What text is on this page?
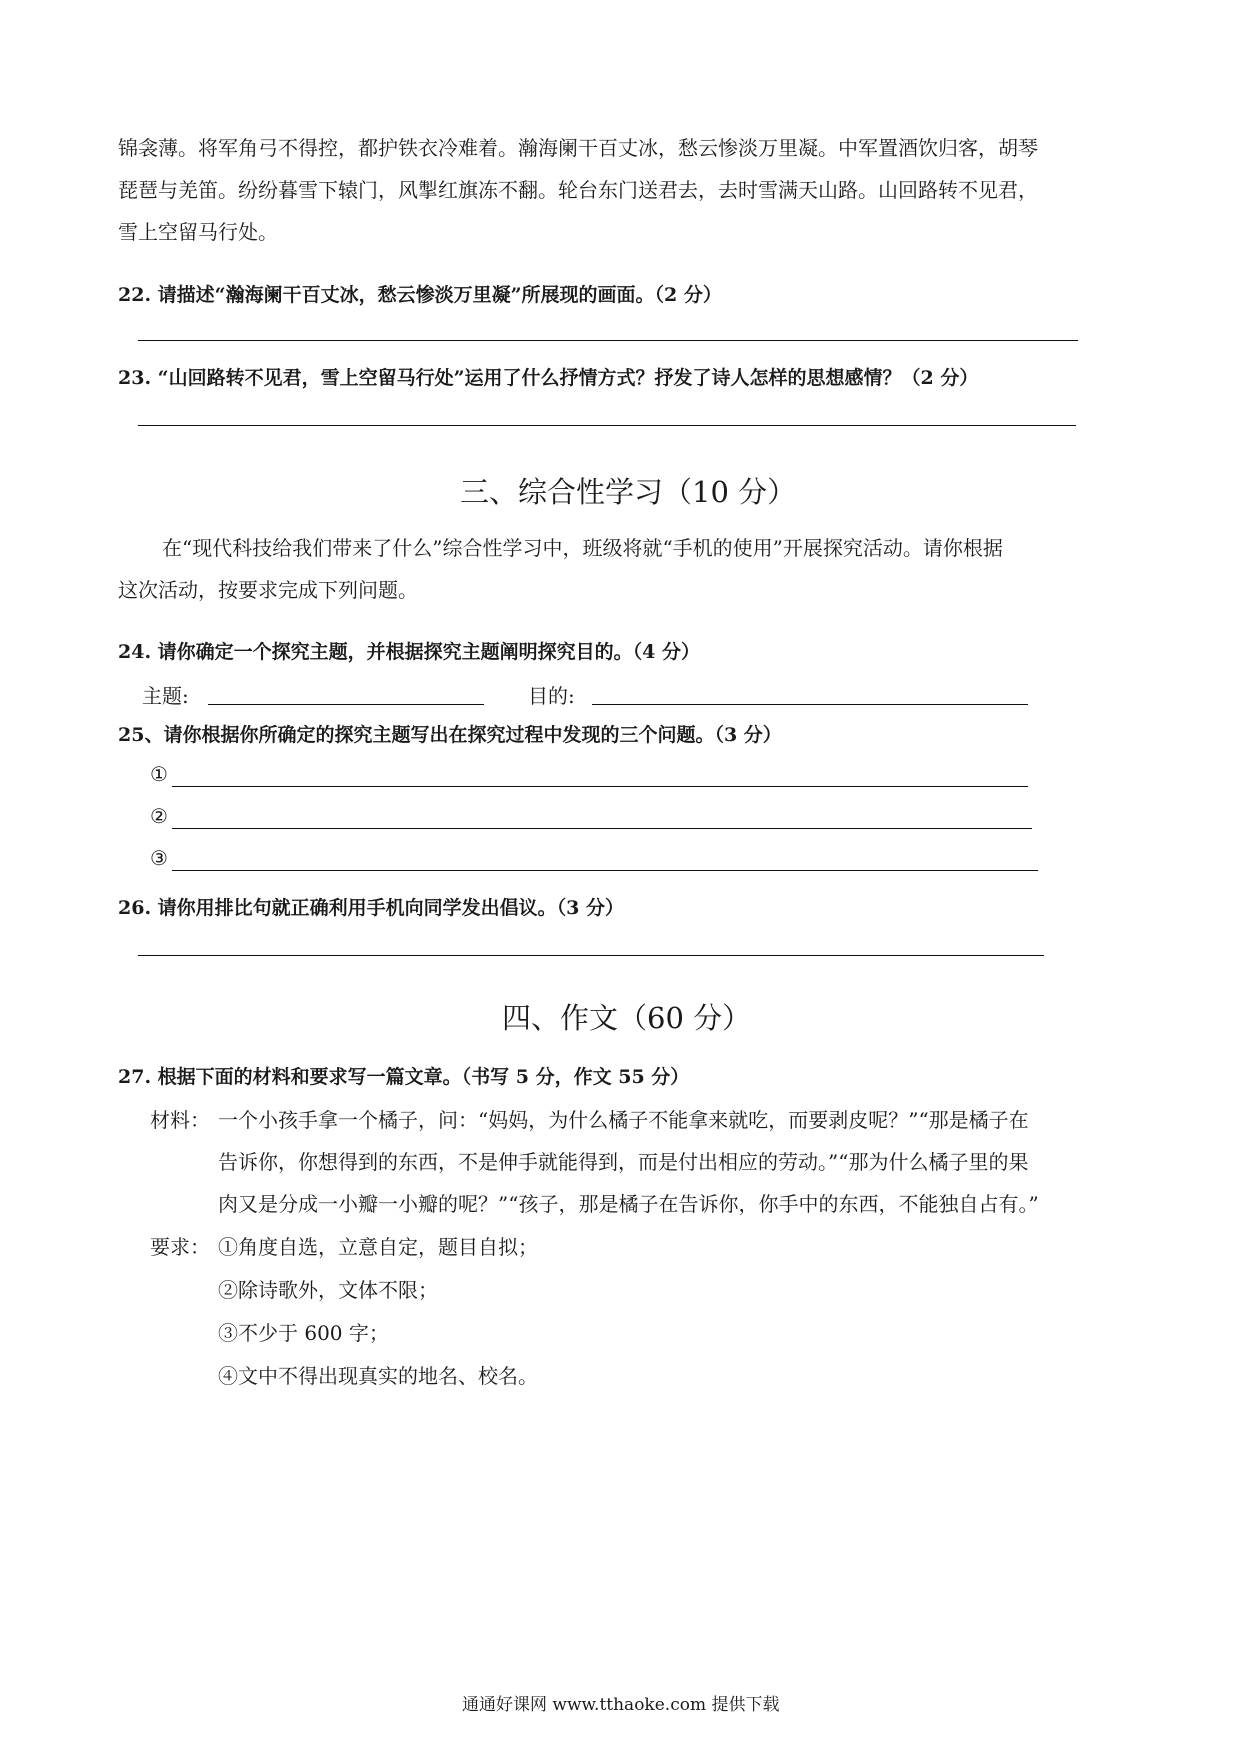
锦衾薄。将军角弓不得控，都护铁衣冷难着。瀚海阑干百丈冰，愁云惨淡万里凝。中军置酒饮归客，胡琴
琵琶与羌笛。纷纷暮雪下辕门，风掣红旗冻不翻。轮台东门送君去，去时雪满天山路。山回路转不见君，
雪上空留马行处。
22. 请描述“瀚海阑干百丈冰，愁云惨淡万里凝”所展现的画面。（2 分）
23. “山回路转不见君，雪上空留马行处”运用了什么抒情方式？抒发了诗人怎样的思想感情？（2 分）
三、综合性学习（10 分）
在“现代科技给我们带来了什么”综合性学习中，班级将就“手机的使用”开展探究活动。请你根据
这次活动，按要求完成下列问题。
24. 请你确定一个探究主题，并根据探究主题阐明探究目的。（4 分）
主题:	目的:
25、请你根据你所确定的探究主题写出在探究过程中发现的三个问题。（3 分）
①
②
③
26. 请你用排比句就正确利用手机向同学发出倡议。（3 分）
四、作文（60 分）
27. 根据下面的材料和要求写一篇文章。（书写 5 分，作文 55 分）
材料： 一个小孩手拿一个橘子，问：“妈妈，为什么橘子不能拿来就吃，而要剥皮呢？”“那是橘子在
告诉你，你想得到的东西，不是伸手就能得到，而是付出相应的劳动。”“那为什么橘子里的果
肉又是分成一小瓣一小瓣的呢？”“孩子，那是橘子在告诉你，你手中的东西，不能独自占有。”
要求： ①角度自选，立意自定，题目自拟；
②除诗歌外，文体不限；
③不少于 600 字；
④文中不得出现真实的地名、校名。
通通好课网 www.tthaoke.com 提供下载
